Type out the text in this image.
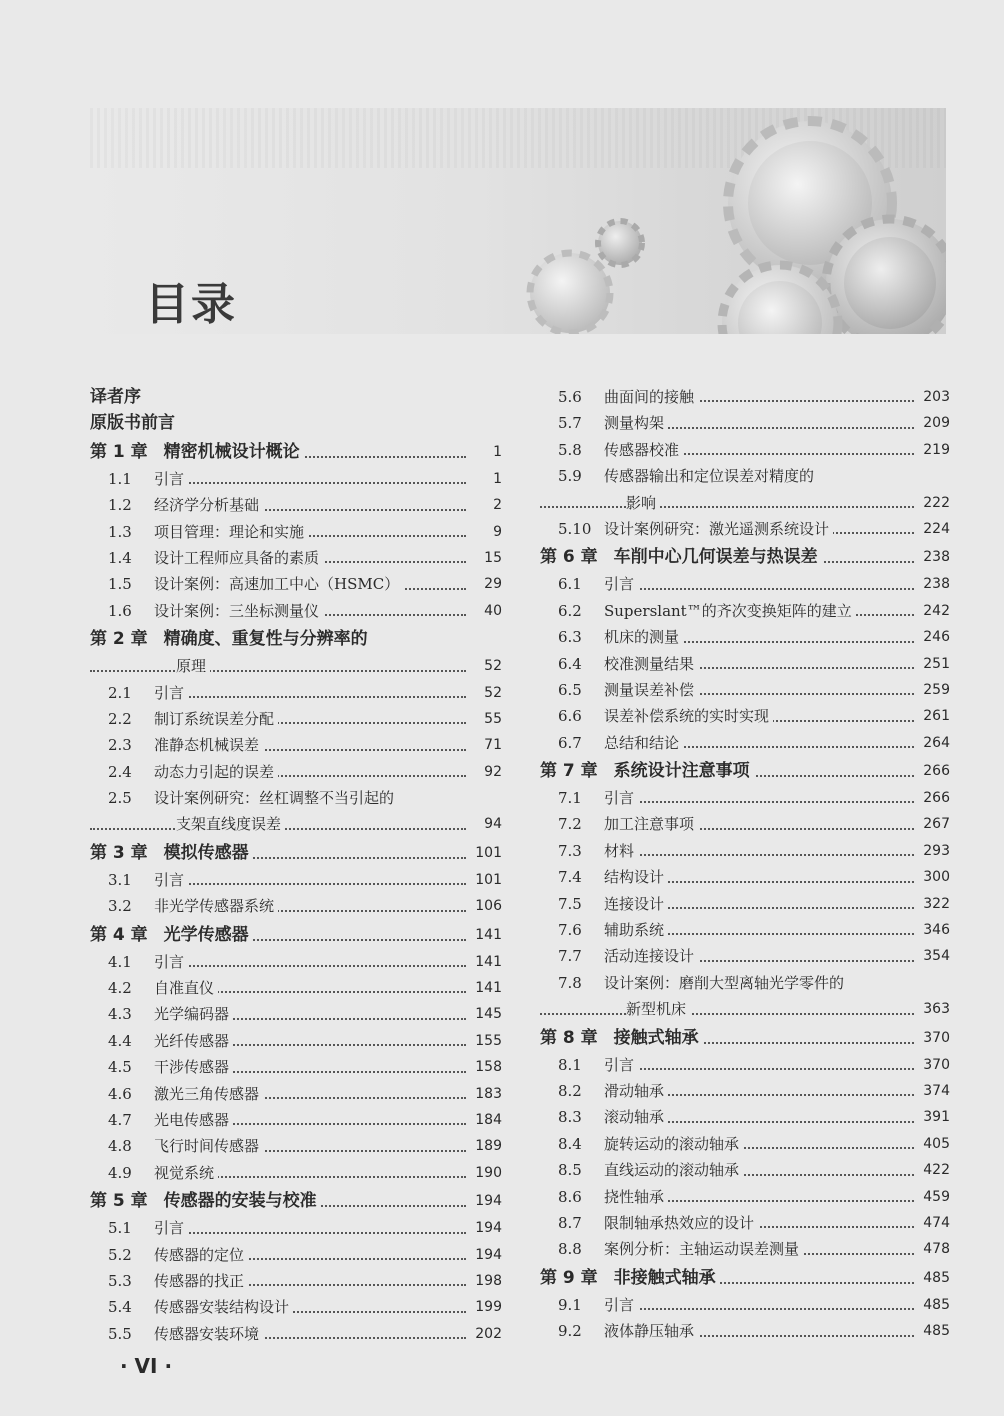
目录
译者序
原版书前言
第 1 章 精密机械设计概论	1
1.1 引言	1
1.2 经济学分析基础	2
1.3 项目管理：理论和实施	9
1.4 设计工程师应具备的素质	15
1.5 设计案例：高速加工中心（HSMC）	29
1.6 设计案例：三坐标测量仪	40
第 2 章 精确度、重复性与分辨率的
原理	52
2.1 引言	52
2.2 制订系统误差分配	55
2.3 准静态机械误差	71
2.4 动态力引起的误差	92
2.5 设计案例研究：丝杠调整不当引起的
支架直线度误差	94
第 3 章 模拟传感器	101
3.1 引言	101
3.2 非光学传感器系统	106
第 4 章 光学传感器	141
4.1 引言	141
4.2 自准直仪	141
4.3 光学编码器	145
4.4 光纤传感器	155
4.5 干涉传感器	158
4.6 激光三角传感器	183
4.7 光电传感器	184
4.8 飞行时间传感器	189
4.9 视觉系统	190
第 5 章 传感器的安装与校准	194
5.1 引言	194
5.2 传感器的定位	194
5.3 传感器的找正	198
5.4 传感器安装结构设计	199
5.5 传感器安装环境	202
5.6 曲面间的接触	203
5.7 测量构架	209
5.8 传感器校准	219
5.9 传感器输出和定位误差对精度的
影响	222
5.10 设计案例研究：激光遥测系统设计	224
第 6 章 车削中心几何误差与热误差	238
6.1 引言	238
6.2 Superslant™的齐次变换矩阵的建立	242
6.3 机床的测量	246
6.4 校准测量结果	251
6.5 测量误差补偿	259
6.6 误差补偿系统的实时实现	261
6.7 总结和结论	264
第 7 章 系统设计注意事项	266
7.1 引言	266
7.2 加工注意事项	267
7.3 材料	293
7.4 结构设计	300
7.5 连接设计	322
7.6 辅助系统	346
7.7 活动连接设计	354
7.8 设计案例：磨削大型离轴光学零件的
新型机床	363
第 8 章 接触式轴承	370
8.1 引言	370
8.2 滑动轴承	374
8.3 滚动轴承	391
8.4 旋转运动的滚动轴承	405
8.5 直线运动的滚动轴承	422
8.6 挠性轴承	459
8.7 限制轴承热效应的设计	474
8.8 案例分析：主轴运动误差测量	478
第 9 章 非接触式轴承	485
9.1 引言	485
9.2 液体静压轴承	485
· VI ·
